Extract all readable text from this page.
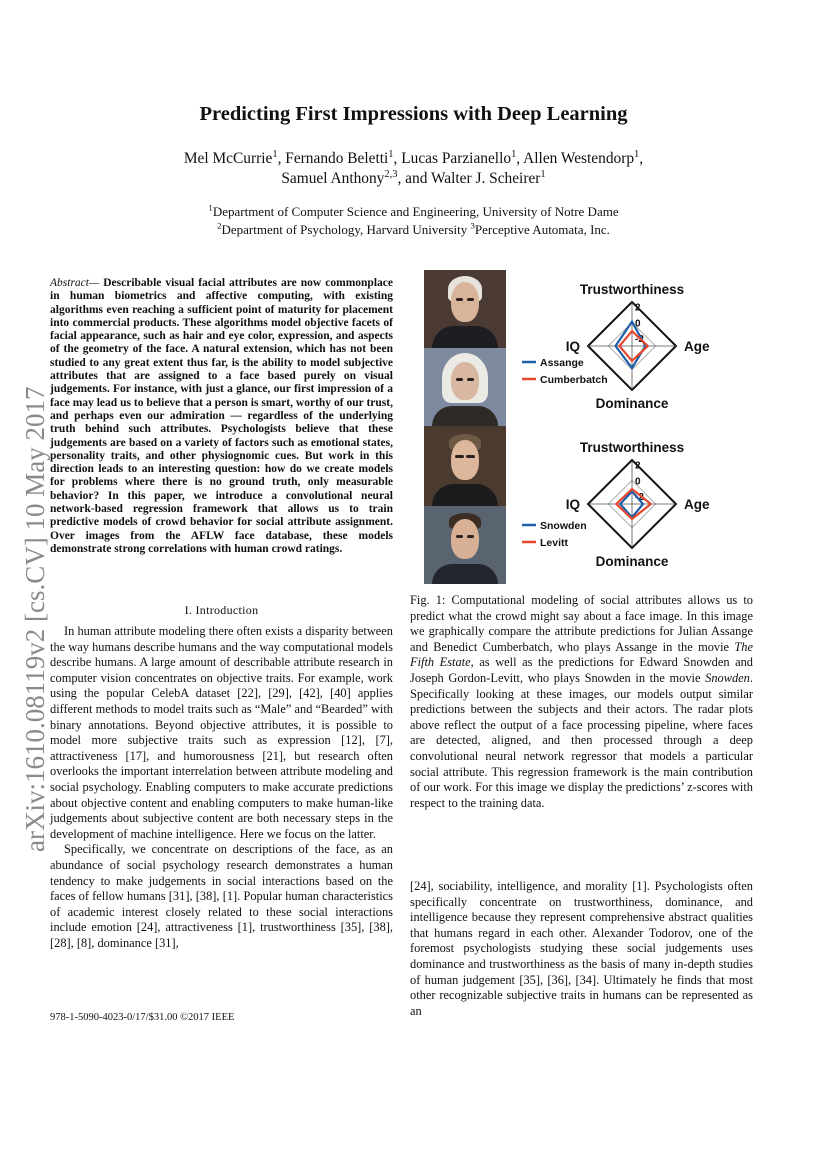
arXiv:1610.08119v2 [cs.CV] 10 May 2017
Predicting First Impressions with Deep Learning
Mel McCurrie$^1$, Fernando Beletti$^1$, Lucas Parzianello$^1$, Allen Westendorp$^1$,
Samuel Anthony$^{2,3}$, and Walter J. Scheirer$^1$
$^1$Department of Computer Science and Engineering, University of Notre Dame
$^2$Department of Psychology, Harvard University $^3$Perceptive Automata, Inc.
Abstract— Describable visual facial attributes are now commonplace in human biometrics and affective computing, with existing algorithms even reaching a sufficient point of maturity for placement into commercial products. These algorithms model objective facets of facial appearance, such as hair and eye color, expression, and aspects of the geometry of the face. A natural extension, which has not been studied to any great extent thus far, is the ability to model subjective attributes that are assigned to a face based purely on visual judgements. For instance, with just a glance, our first impression of a face may lead us to believe that a person is smart, worthy of our trust, and perhaps even our admiration — regardless of the underlying truth behind such attributes. Psychologists believe that these judgements are based on a variety of factors such as emotional states, personality traits, and other physiognomic cues. But work in this direction leads to an interesting question: how do we create models for problems where there is no ground truth, only measurable behavior? In this paper, we introduce a convolutional neural network-based regression framework that allows us to train predictive models of crowd behavior for social attribute assignment. Over images from the AFLW face database, these models demonstrate strong correlations with human crowd ratings.
I. Introduction

In human attribute modeling there often exists a disparity between the way humans describe humans and the way computational models describe humans. A large amount of describable attribute research in computer vision concentrates on objective traits. For example, work using the popular CelebA dataset [22], [29], [42], [40] applies different methods to model traits such as “Male” and “Bearded” with binary annotations. Beyond objective attributes, it is possible to model more subjective traits such as expression [12], [7], attractiveness [17], and humorousness [21], but research often overlooks the important interrelation between attribute modeling and social psychology. Enabling computers to make accurate predictions about objective content and enabling computers to make human-like judgements about subjective content are both necessary steps in the development of machine intelligence. Here we focus on the latter.

Specifically, we concentrate on descriptions of the face, as an abundance of social psychology research demonstrates a human tendency to make judgements in social interactions based on the faces of fellow humans [31], [38], [1]. Popular human characteristics of academic interest closely related to these social interactions include emotion [24], attractiveness [1], trustworthiness [35], [38], [28], [8], dominance [31],

978-1-5090-4023-0/17/$31.00 ©2017 IEEE
2
0
-2
Trustworthiness
Age
Dominance
IQ
Assange
Cumberbatch
2
0
-2
Trustworthiness
Age
Dominance
IQ
Snowden
Levitt
Fig. 1: Computational modeling of social attributes allows us to predict what the crowd might say about a face image. In this image we graphically compare the attribute predictions for Julian Assange and Benedict Cumberbatch, who plays Assange in the movie The Fifth Estate, as well as the predictions for Edward Snowden and Joseph Gordon-Levitt, who plays Snowden in the movie Snowden. Specifically looking at these images, our models output similar predictions between the subjects and their actors. The radar plots above reflect the output of a face processing pipeline, where faces are detected, aligned, and then processed through a deep convolutional neural network regressor that models a particular social attribute. This regression framework is the main contribution of our work. For this image we display the predictions’ z-scores with respect to the training data.

[24], sociability, intelligence, and morality [1]. Psychologists often specifically concentrate on trustworthiness, dominance, and intelligence because they represent comprehensive abstract qualities that humans regard in each other. Alexander Todorov, one of the foremost psychologists studying these social judgements uses dominance and trustworthiness as the basis of many in-depth studies of human judgement [35], [36], [34]. Ultimately he finds that most other recognizable subjective traits in humans can be represented as an
